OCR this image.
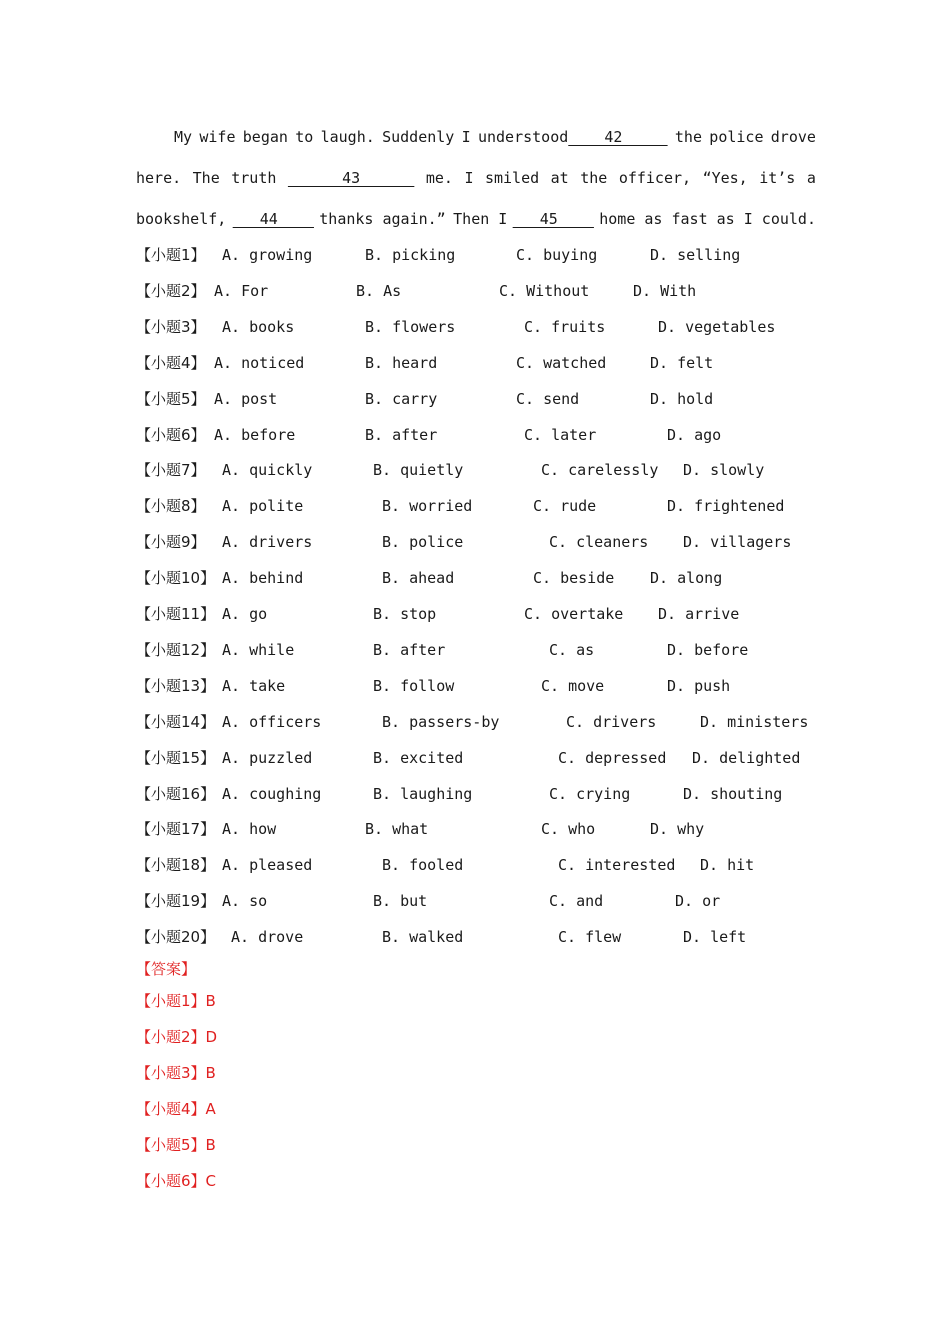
My wife began to laugh. Suddenly I understood    42 the police drove
here. The truth 43 me. I smiled at the officer, “Yes, it’s a
bookshelf, 44 thanks again.” Then I 45 home as fast as I could.
【小题1】 A. growing	B. picking	C. buying	D. selling
【小题2】 A. For	B. As	C. Without	D. With
【小题3】 A. books	B. flowers	C. fruits	D. vegetables
【小题4】 A. noticed	B. heard	C. watched	D. felt
【小题5】 A. post	B. carry	C. send	D. hold
【小题6】 A. before	B. after	C. later	D. ago
【小题7】 A. quickly	B. quietly	C. carelessly D. slowly
【小题8】 A. polite	B. worried	C. rude	D. frightened
【小题9】 A. drivers	B. police	C. cleaners D. villagers
【小题10】 A. behind	B. ahead	C. beside D. along
【小题11】 A. go	B. stop	C. overtake D. arrive
【小题12】 A. while	B. after	C. as	D. before
【小题13】 A. take	B. follow	C. move	D. push
【小题14】 A. officers	B. passers-by	C. drivers	D. ministers
【小题15】 A. puzzled	B. excited	C. depressed D. delighted
【小题16】 A. coughing	B. laughing	C. crying	D. shouting
【小题17】 A. how	B. what	C. who	D. why
【小题18】 A. pleased	B. fooled	C. interested D. hit
【小题19】 A. so	B. but	C. and	D. or
【小题20】 A. drove	B. walked	C. flew	D. left
【答案】
【小题1】B
【小题2】D
【小题3】B
【小题4】A
【小题5】B
【小题6】C
